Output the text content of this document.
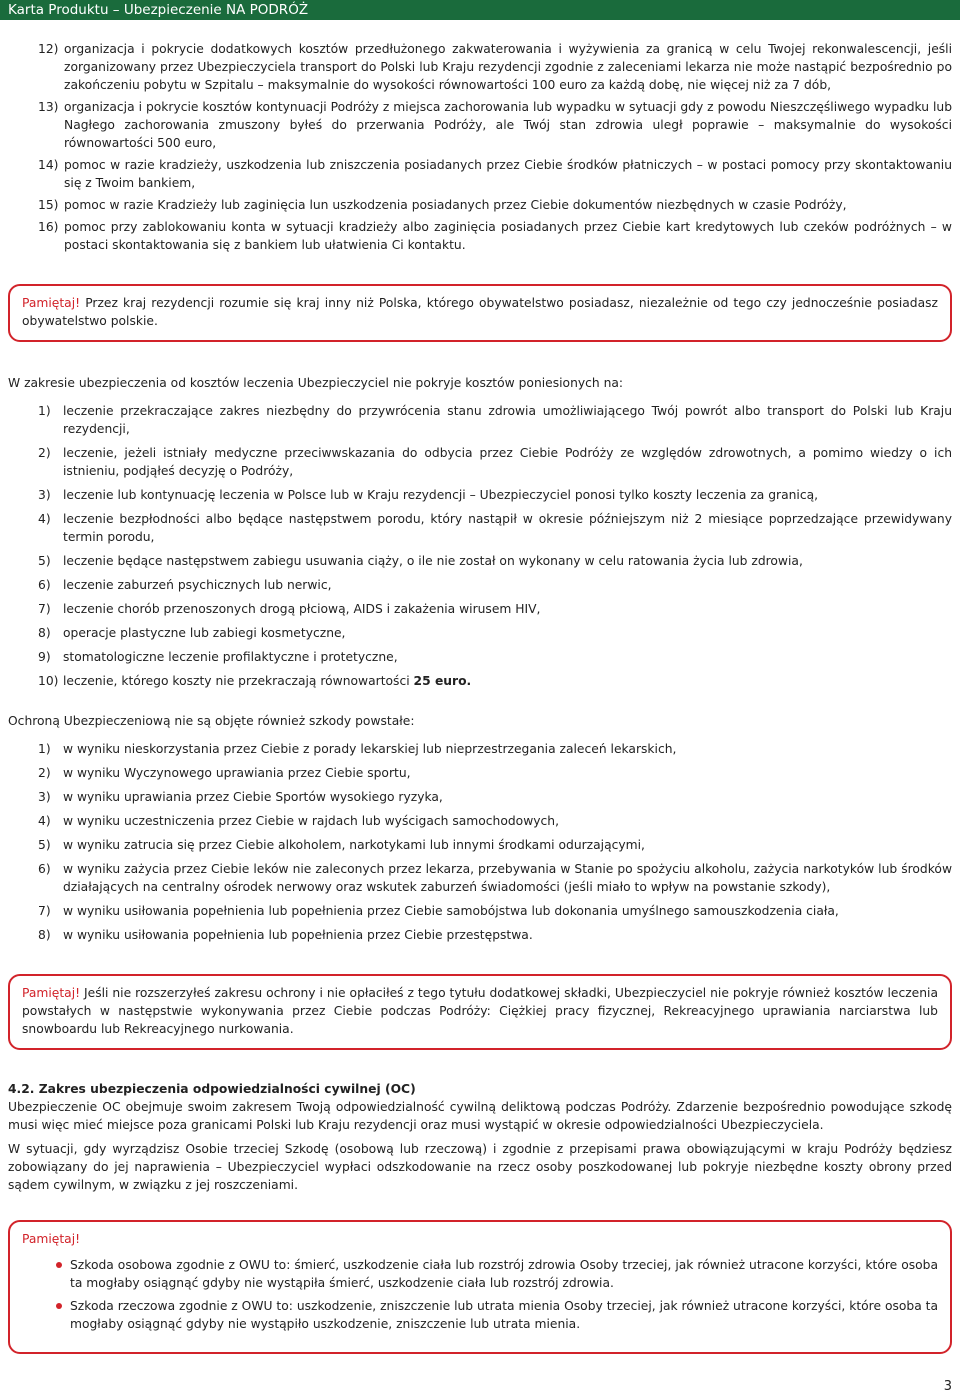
Karta Produktu – Ubezpieczenie NA PODRÓŻ
12) organizacja i pokrycie dodatkowych kosztów przedłużonego zakwaterowania i wyżywienia za granicą w celu Twojej rekonwalescencji, jeśli zorganizowany przez Ubezpieczyciela transport do Polski lub Kraju rezydencji zgodnie z zaleceniami lekarza nie może nastąpić bezpośrednio po zakończeniu pobytu w Szpitalu – maksymalnie do wysokości równowartości 100 euro za każdą dobę, nie więcej niż za 7 dób,
13) organizacja i pokrycie kosztów kontynuacji Podróży z miejsca zachorowania lub wypadku w sytuacji gdy z powodu Nieszczęśliwego wypadku lub Nagłego zachorowania zmuszony byłeś do przerwania Podróży, ale Twój stan zdrowia uległ poprawie – maksymalnie do wysokości równowartości 500 euro,
14) pomoc w razie kradzieży, uszkodzenia lub zniszczenia posiadanych przez Ciebie środków płatniczych – w postaci pomocy przy skontaktowaniu się z Twoim bankiem,
15) pomoc w razie Kradzieży lub zaginięcia lun uszkodzenia posiadanych przez Ciebie dokumentów niezbędnych w czasie Podróży,
16) pomoc przy zablokowaniu konta w sytuacji kradzieży albo zaginięcia posiadanych przez Ciebie kart kredytowych lub czeków podróżnych – w postaci skontaktowania się z bankiem lub ułatwienia Ci kontaktu.

Pamiętaj! Przez kraj rezydencji rozumie się kraj inny niż Polska, którego obywatelstwo posiadasz, niezależnie od tego czy jednocześnie posiadasz obywatelstwo polskie.

W zakresie ubezpieczenia od kosztów leczenia Ubezpieczyciel nie pokryje kosztów poniesionych na:

1) leczenie przekraczające zakres niezbędny do przywrócenia stanu zdrowia umożliwiającego Twój powrót albo transport do Polski lub Kraju rezydencji,
2) leczenie, jeżeli istniały medyczne przeciwwskazania do odbycia przez Ciebie Podróży ze względów zdrowotnych, a pomimo wiedzy o ich istnieniu, podjąłeś decyzję o Podróży,
3) leczenie lub kontynuację leczenia w Polsce lub w Kraju rezydencji – Ubezpieczyciel ponosi tylko koszty leczenia za granicą,
4) leczenie bezpłodności albo będące następstwem porodu, który nastąpił w okresie późniejszym niż 2 miesiące poprzedzające przewidywany termin porodu,
5) leczenie będące następstwem zabiegu usuwania ciąży, o ile nie został on wykonany w celu ratowania życia lub zdrowia,
6) leczenie zaburzeń psychicznych lub nerwic,
7) leczenie chorób przenoszonych drogą płciową, AIDS i zakażenia wirusem HIV,
8) operacje plastyczne lub zabiegi kosmetyczne,
9) stomatologiczne leczenie profilaktyczne i protetyczne,
10) leczenie, którego koszty nie przekraczają równowartości 25 euro.

Ochroną Ubezpieczeniową nie są objęte również szkody powstałe:

1) w wyniku nieskorzystania przez Ciebie z porady lekarskiej lub nieprzestrzegania zaleceń lekarskich,
2) w wyniku Wyczynowego uprawiania przez Ciebie sportu,
3) w wyniku uprawiania przez Ciebie Sportów wysokiego ryzyka,
4) w wyniku uczestniczenia przez Ciebie w rajdach lub wyścigach samochodowych,
5) w wyniku zatrucia się przez Ciebie alkoholem, narkotykami lub innymi środkami odurzającymi,
6) w wyniku zażycia przez Ciebie leków nie zaleconych przez lekarza, przebywania w Stanie po spożyciu alkoholu, zażycia narkotyków lub środków działających na centralny ośrodek nerwowy oraz wskutek zaburzeń świadomości (jeśli miało to wpływ na powstanie szkody),
7) w wyniku usiłowania popełnienia lub popełnienia przez Ciebie samobójstwa lub dokonania umyślnego samouszkodzenia ciała,
8) w wyniku usiłowania popełnienia lub popełnienia przez Ciebie przestępstwa.

Pamiętaj! Jeśli nie rozszerzyłeś zakresu ochrony i nie opłaciłeś z tego tytułu dodatkowej składki, Ubezpieczyciel nie pokryje również kosztów leczenia powstałych w następstwie wykonywania przez Ciebie podczas Podróży: Ciężkiej pracy fizycznej, Rekreacyjnego uprawiania narciarstwa lub snowboardu lub Rekreacyjnego nurkowania.

4.2. Zakres ubezpieczenia odpowiedzialności cywilnej (OC)

Ubezpieczenie OC obejmuje swoim zakresem Twoją odpowiedzialność cywilną deliktową podczas Podróży. Zdarzenie bezpośrednio powodujące szkodę musi więc mieć miejsce poza granicami Polski lub Kraju rezydencji oraz musi wystąpić w okresie odpowiedzialności Ubezpieczyciela.

W sytuacji, gdy wyrządzisz Osobie trzeciej Szkodę (osobową lub rzeczową) i zgodnie z przepisami prawa obowiązującymi w kraju Podróży będziesz zobowiązany do jej naprawienia – Ubezpieczyciel wypłaci odszkodowanie na rzecz osoby poszkodowanej lub pokryje niezbędne koszty obrony przed sądem cywilnym, w związku z jej roszczeniami.

Pamiętaj!

Szkoda osobowa zgodnie z OWU to: śmierć, uszkodzenie ciała lub rozstrój zdrowia Osoby trzeciej, jak również utracone korzyści, które osoba ta mogłaby osiągnąć gdyby nie wystąpiła śmierć, uszkodzenie ciała lub rozstrój zdrowia.
Szkoda rzeczowa zgodnie z OWU to: uszkodzenie, zniszczenie lub utrata mienia Osoby trzeciej, jak również utracone korzyści, które osoba ta mogłaby osiągnąć gdyby nie wystąpiło uszkodzenie, zniszczenie lub utrata mienia.
3
